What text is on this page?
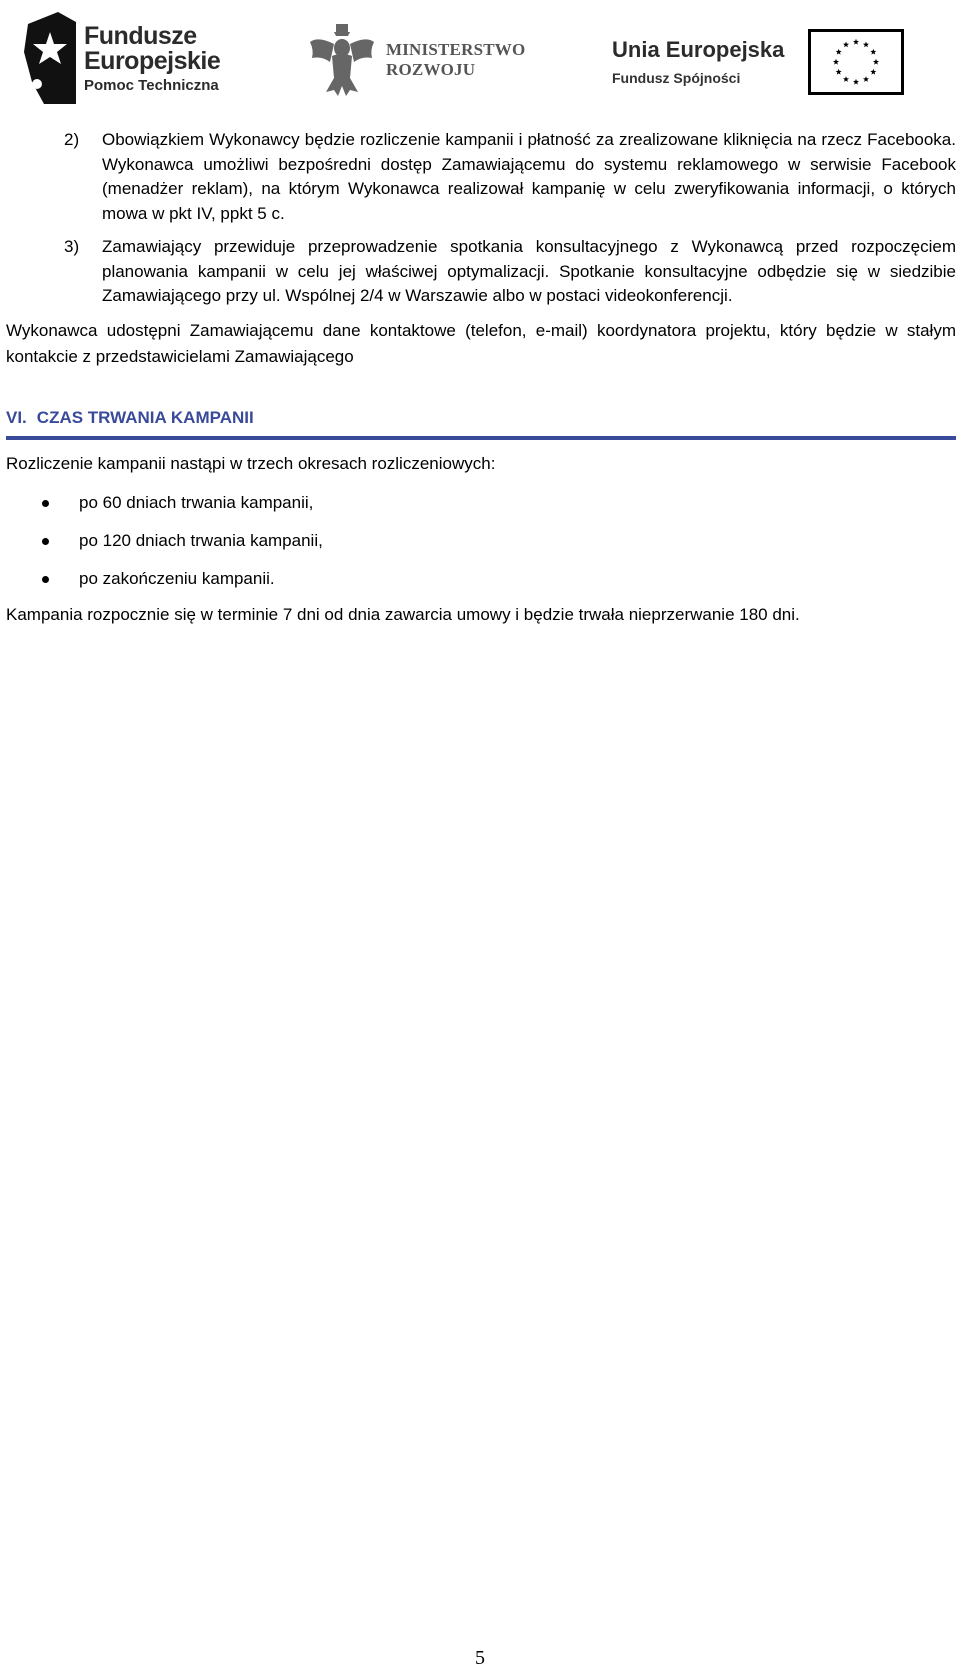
Fundusze
Europejskie
Pomoc Techniczna
MINISTERSTWO
ROZWOJU
Unia Europejska
Fundusz Spójności
2)	Obowiązkiem Wykonawcy będzie rozliczenie kampanii i płatność za zrealizowane kliknięcia na rzecz Facebooka. Wykonawca umożliwi bezpośredni dostęp Zamawiającemu do systemu reklamowego w serwisie Facebook (menadżer reklam), na którym Wykonawca realizował kampanię w celu zweryfikowania informacji, o których mowa w pkt IV, ppkt 5 c.
3)	Zamawiający przewiduje przeprowadzenie spotkania konsultacyjnego z Wykonawcą przed rozpoczęciem planowania kampanii w celu jej właściwej optymalizacji. Spotkanie konsultacyjne odbędzie się w siedzibie Zamawiającego przy ul. Wspólnej 2/4 w Warszawie albo w postaci videokonferencji.

Wykonawca udostępni Zamawiającemu dane kontaktowe (telefon, e-mail) koordynatora projektu, który będzie w stałym kontakcie z przedstawicielami Zamawiającego

VI. CZAS TRWANIA KAMPANII

Rozliczenie kampanii nastąpi w trzech okresach rozliczeniowych:

po 60 dniach trwania kampanii,
po 120 dniach trwania kampanii,
po zakończeniu kampanii.

Kampania rozpocznie się w terminie 7 dni od dnia zawarcia umowy i będzie trwała nieprzerwanie 180 dni.

5
